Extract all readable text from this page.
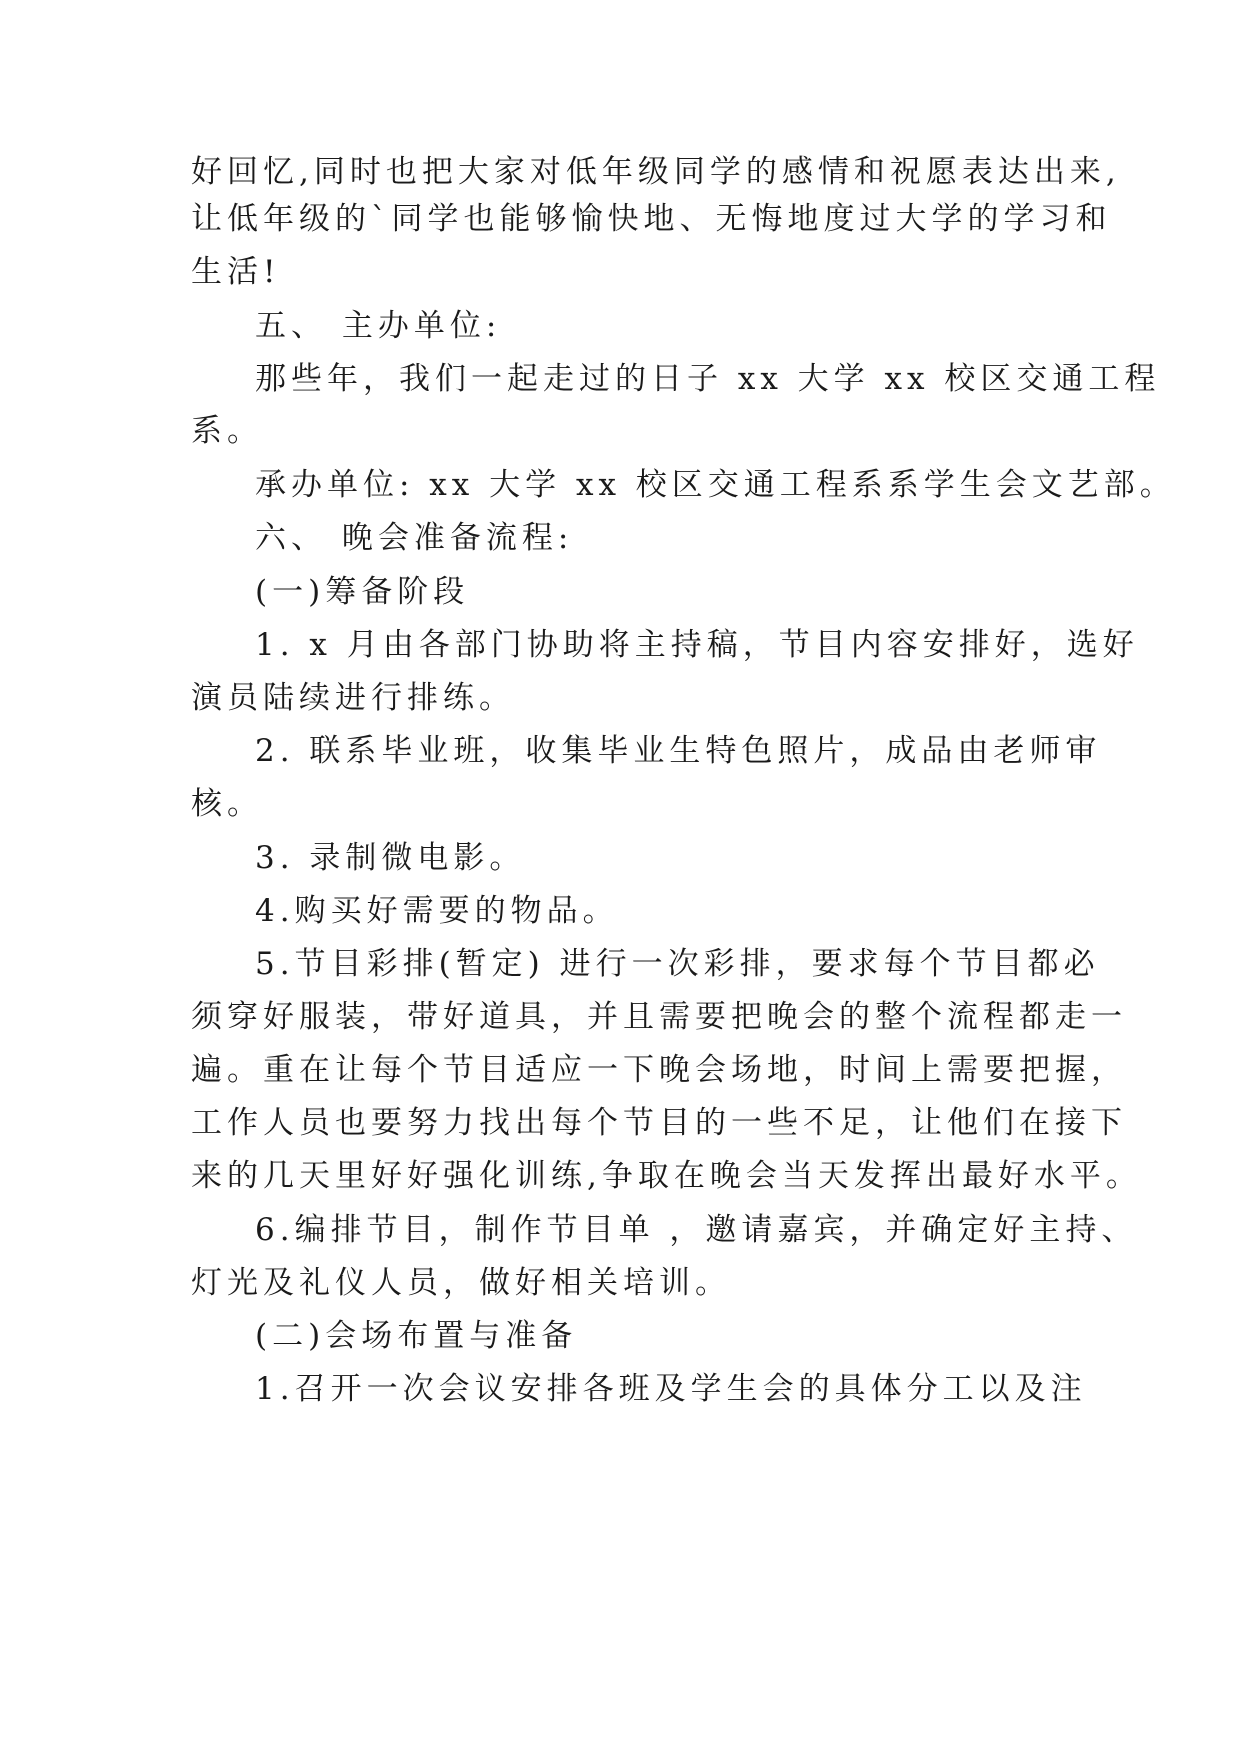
好回忆,同时也把大家对低年级同学的感情和祝愿表达出来,
让低年级的`同学也能够愉快地、无悔地度过大学的学习和
生活!
五、 主办单位:
那些年，我们一起走过的日子 xx 大学 xx 校区交通工程
系。
承办单位: xx 大学 xx 校区交通工程系系学生会文艺部。
六、 晚会准备流程:
(一)筹备阶段
1. x 月由各部门协助将主持稿，节目内容安排好，选好
演员陆续进行排练。
2. 联系毕业班，收集毕业生特色照片，成品由老师审
核。
3. 录制微电影。
4.购买好需要的物品。
5.节目彩排(暂定) 进行一次彩排，要求每个节目都必
须穿好服装，带好道具，并且需要把晚会的整个流程都走一
遍。重在让每个节目适应一下晚会场地，时间上需要把握，
工作人员也要努力找出每个节目的一些不足，让他们在接下
来的几天里好好强化训练,争取在晚会当天发挥出最好水平。
6.编排节目，制作节目单 ，邀请嘉宾，并确定好主持、
灯光及礼仪人员，做好相关培训。
(二)会场布置与准备
1.召开一次会议安排各班及学生会的具体分工以及注
